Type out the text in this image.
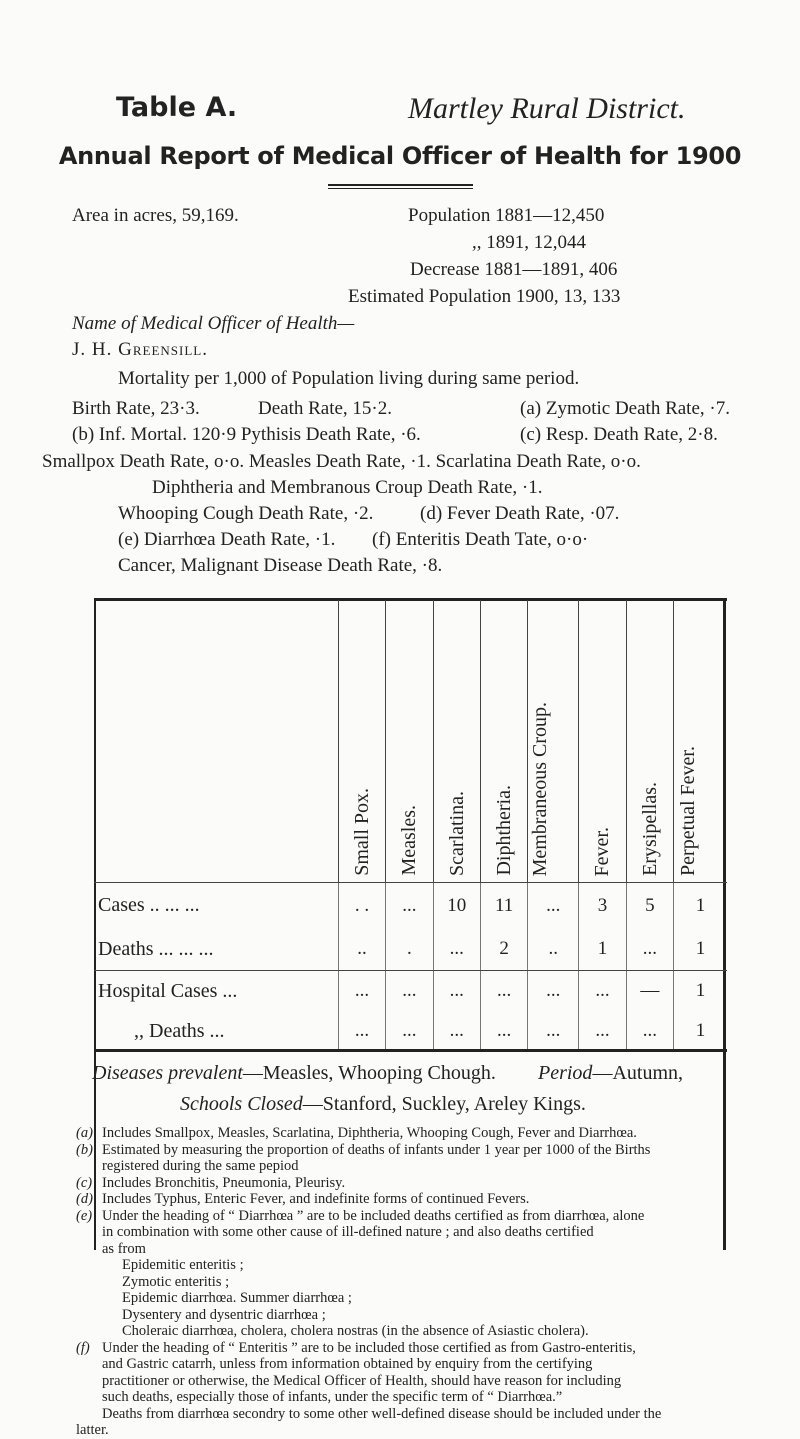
Table A.	Martley Rural District.
Annual Report of Medical Officer of Health for 1900
Area in acres, 59,169.	Population 1881—12,450
,, 1891, 12,044
Decrease 1881—1891, 406
Estimated Population 1900, 13, 133
Name of Medical Officer of Health—
J. H. Greensill.
Mortality per 1,000 of Population living during same period.
Birth Rate, 23·3.	Death Rate, 15·2.	(a) Zymotic Death Rate, ·7.
(b) Inf. Mortal. 120·9 Pythisis Death Rate, ·6.	(c) Resp. Death Rate, 2·8.
Smallpox Death Rate, o·o. Measles Death Rate, ·1. Scarlatina Death Rate, o·o.
Diphtheria and Membranous Croup Death Rate, ·1.
Whooping Cough Death Rate, ·2. (d) Fever Death Rate, ·07.
(e) Diarrhœa Death Rate, ·1. (f) Enteritis Death Tate, o·o·
Cancer, Malignant Disease Death Rate, ·8.
	Small Pox.	Measles.	Scarlatina.	Diphtheria.	Membraneous Croup.	Fever.	Erysipellas.	Perpetual Fever.
Cases .. ... ...	. .	...	10	11	...	3	5	1
Deaths ... ... ...	..	.	...	2	..	1	...	1
Hospital Cases ...	...	...	...	...	...	...	—	1
,, Deaths ...	...	...	...	...	...	...	...	1
Diseases prevalent—Measles, Whooping Chough. Period—Autumn,
Schools Closed—Stanford, Suckley, Areley Kings.
(a) Includes Smallpox, Measles, Scarlatina, Diphtheria, Whooping Cough, Fever and Diarrhœa.
(b) Estimated by measuring the proportion of deaths of infants under 1 year per 1000 of the Births
registered during the same pepiod
(c) Includes Bronchitis, Pneumonia, Pleurisy.
(d) Includes Typhus, Enteric Fever, and indefinite forms of continued Fevers.
(e) Under the heading of “ Diarrhœa ” are to be included deaths certified as from diarrhœa, alone
in combination with some other cause of ill-defined nature ; and also deaths certified
as from
Epidemitic enteritis ;
Zymotic enteritis ;
Epidemic diarrhœa. Summer diarrhœa ;
Dysentery and dysentric diarrhœa ;
Choleraic diarrhœa, cholera, cholera nostras (in the absence of Asiastic cholera).
(f) Under the heading of “ Enteritis ” are to be included those certified as from Gastro-enteritis,
and Gastric catarrh, unless from information obtained by enquiry from the certifying
practitioner or otherwise, the Medical Officer of Health, should have reason for including
such deaths, especially those of infants, under the specific term of “ Diarrhœa.”
Deaths from diarrhœa secondry to some other well-defined disease should be included under the
latter.
